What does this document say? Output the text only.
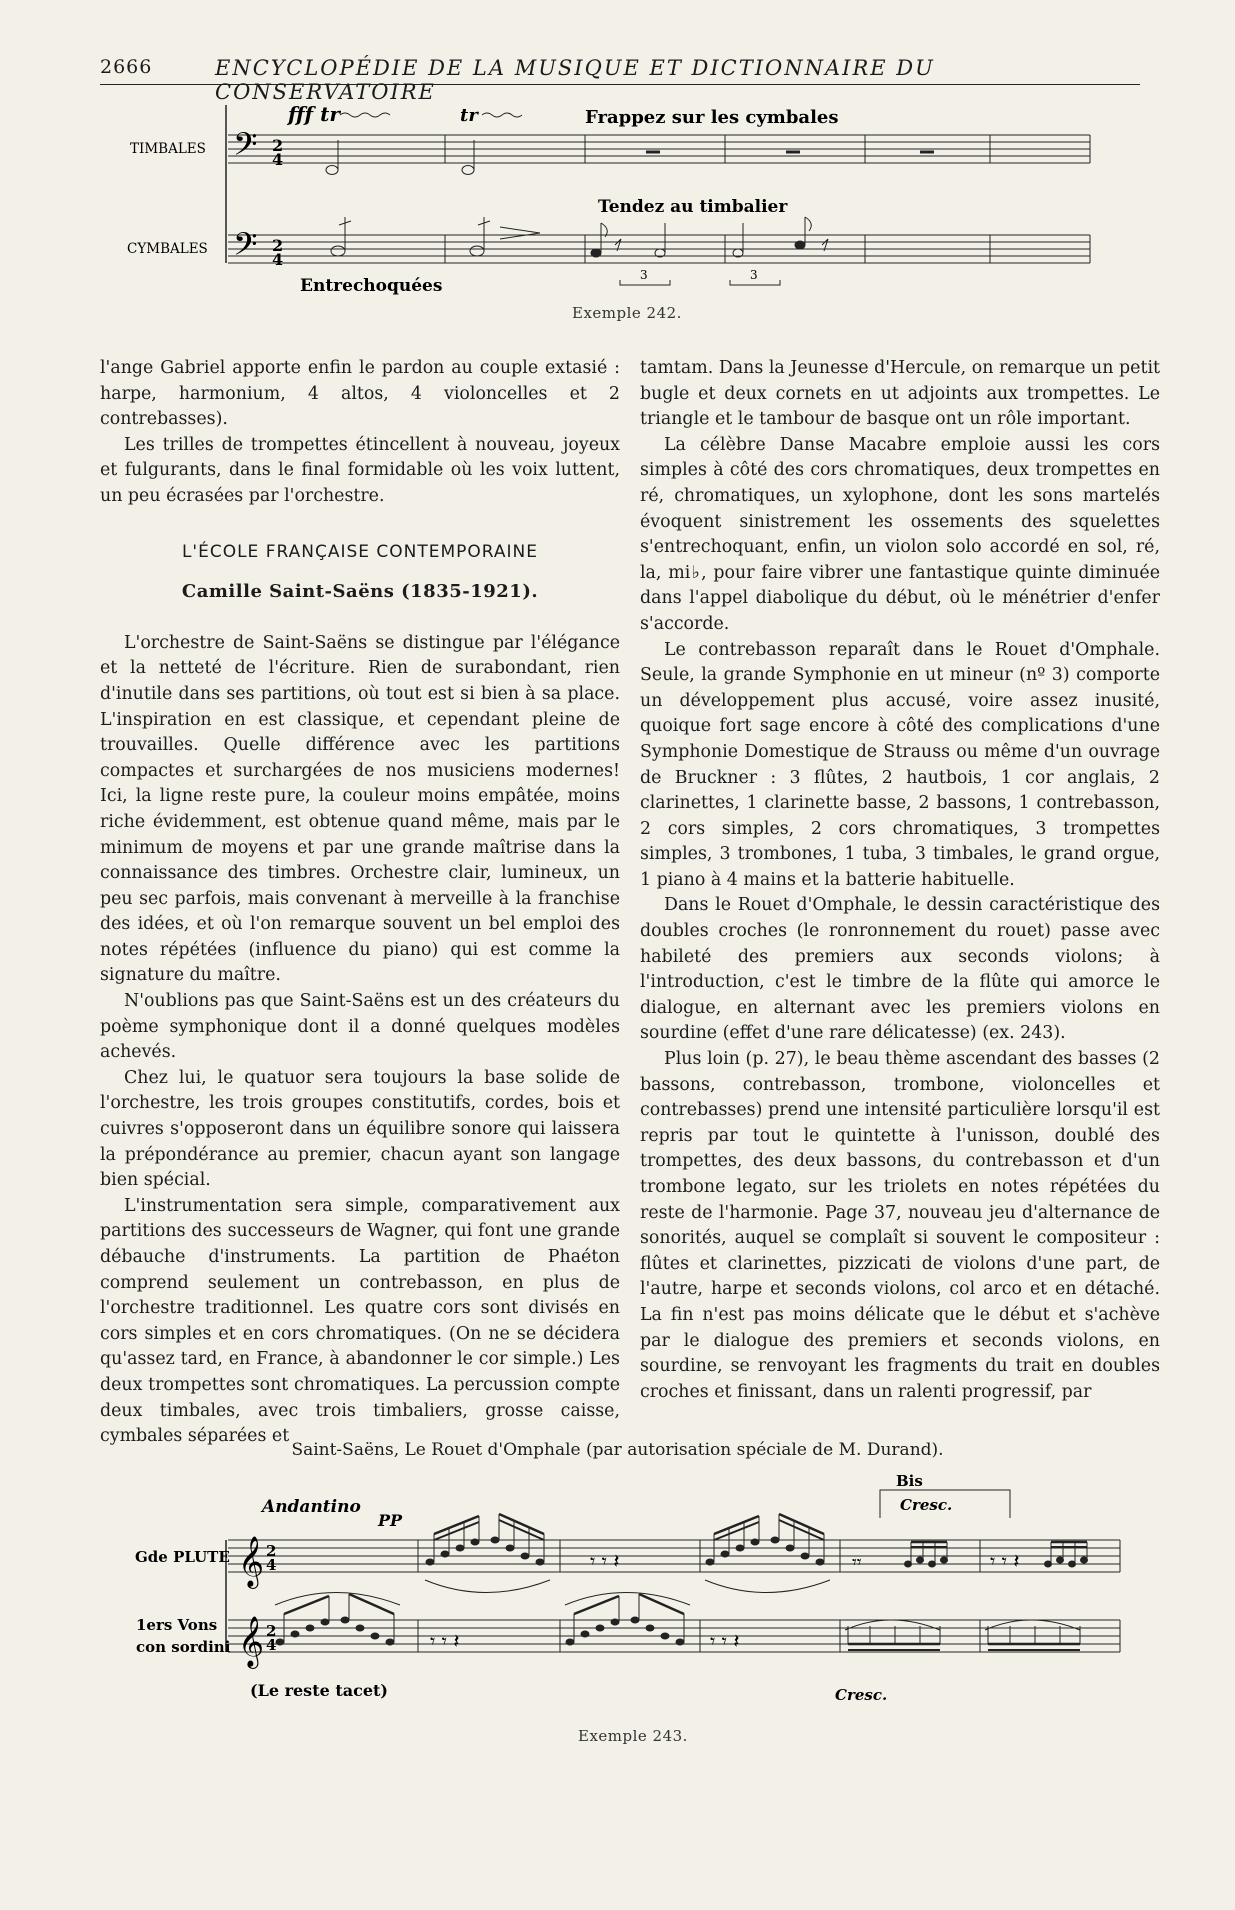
2666	ENCYCLOPÉDIE DE LA MUSIQUE ET DICTIONNAIRE DU CONSERVATOIRE
𝄢
𝄢
2
4
2
4
TIMBALES
CYMBALES
fff tr	tr	Frappez sur les cymbales
Tendez au timbalier
Entrechoquées
3	3
Exemple 242.

l'ange Gabriel apporte enfin le pardon au couple extasié : harpe, harmonium, 4 altos, 4 violoncelles et 2 contrebasses).

Les trilles de trompettes étincellent à nouveau, joyeux et fulgurants, dans le final formidable où les voix luttent, un peu écrasées par l'orchestre.

L'ÉCOLE FRANÇAISE CONTEMPORAINE
Camille Saint-Saëns (1835-1921).

L'orchestre de Saint-Saëns se distingue par l'élégance et la netteté de l'écriture. Rien de surabondant, rien d'inutile dans ses partitions, où tout est si bien à sa place. L'inspiration en est classique, et cependant pleine de trouvailles. Quelle différence avec les partitions compactes et surchargées de nos musiciens modernes! Ici, la ligne reste pure, la couleur moins empâtée, moins riche évidemment, est obtenue quand même, mais par le minimum de moyens et par une grande maîtrise dans la connaissance des timbres. Orchestre clair, lumineux, un peu sec parfois, mais convenant à merveille à la franchise des idées, et où l'on remarque souvent un bel emploi des notes répétées (influence du piano) qui est comme la signature du maître.

N'oublions pas que Saint-Saëns est un des créateurs du poème symphonique dont il a donné quelques modèles achevés.

Chez lui, le quatuor sera toujours la base solide de l'orchestre, les trois groupes constitutifs, cordes, bois et cuivres s'opposeront dans un équilibre sonore qui laissera la prépondérance au premier, chacun ayant son langage bien spécial.

L'instrumentation sera simple, comparativement aux partitions des successeurs de Wagner, qui font une grande débauche d'instruments. La partition de Phaéton comprend seulement un contrebasson, en plus de l'orchestre traditionnel. Les quatre cors sont divisés en cors simples et en cors chromatiques. (On ne se décidera qu'assez tard, en France, à abandonner le cor simple.) Les deux trompettes sont chromatiques. La percussion compte deux timbales, avec trois timbaliers, grosse caisse, cymbales séparées et

tamtam. Dans la Jeunesse d'Hercule, on remarque un petit bugle et deux cornets en ut adjoints aux trompettes. Le triangle et le tambour de basque ont un rôle important.

La célèbre Danse Macabre emploie aussi les cors simples à côté des cors chromatiques, deux trompettes en ré, chromatiques, un xylophone, dont les sons martelés évoquent sinistrement les ossements des squelettes s'entrechoquant, enfin, un violon solo accordé en sol, ré, la, mi♭, pour faire vibrer une fantastique quinte diminuée dans l'appel diabolique du début, où le ménétrier d'enfer s'accorde.

Le contrebasson reparaît dans le Rouet d'Omphale. Seule, la grande Symphonie en ut mineur (nº 3) comporte un développement plus accusé, voire assez inusité, quoique fort sage encore à côté des complications d'une Symphonie Domestique de Strauss ou même d'un ouvrage de Bruckner : 3 flûtes, 2 hautbois, 1 cor anglais, 2 clarinettes, 1 clarinette basse, 2 bassons, 1 contrebasson, 2 cors simples, 2 cors chromatiques, 3 trompettes simples, 3 trombones, 1 tuba, 3 timbales, le grand orgue, 1 piano à 4 mains et la batterie habituelle.

Dans le Rouet d'Omphale, le dessin caractéristique des doubles croches (le ronronnement du rouet) passe avec habileté des premiers aux seconds violons; à l'introduction, c'est le timbre de la flûte qui amorce le dialogue, en alternant avec les premiers violons en sourdine (effet d'une rare délicatesse) (ex. 243).

Plus loin (p. 27), le beau thème ascendant des basses (2 bassons, contrebasson, trombone, violoncelles et contrebasses) prend une intensité particulière lorsqu'il est repris par tout le quintette à l'unisson, doublé des trompettes, des deux bassons, du contrebasson et d'un trombone legato, sur les triolets en notes répétées du reste de l'harmonie. Page 37, nouveau jeu d'alternance de sonorités, auquel se complaît si souvent le compositeur : flûtes et clarinettes, pizzicati de violons d'une part, de l'autre, harpe et seconds violons, col arco et en détaché. La fin n'est pas moins délicate que le début et s'achève par le dialogue des premiers et seconds violons, en sourdine, se renvoyant les fragments du trait en doubles croches et finissant, dans un ralenti progressif, par

Saint-Saëns, Le Rouet d'Omphale (par autorisation spéciale de M. Durand).
𝄞
𝄞
2
4
2
4
𝄾 𝄾 𝄽
𝄾 𝄾 𝄽	𝄾 𝄾 𝄽
𝄾𝄾	𝄾 𝄾 𝄽
Gde PLUTE
1ers Vons
con sordini
Andantino
PP
Bis
Cresc.
Cresc.
(Le reste tacet)
Exemple 243.
